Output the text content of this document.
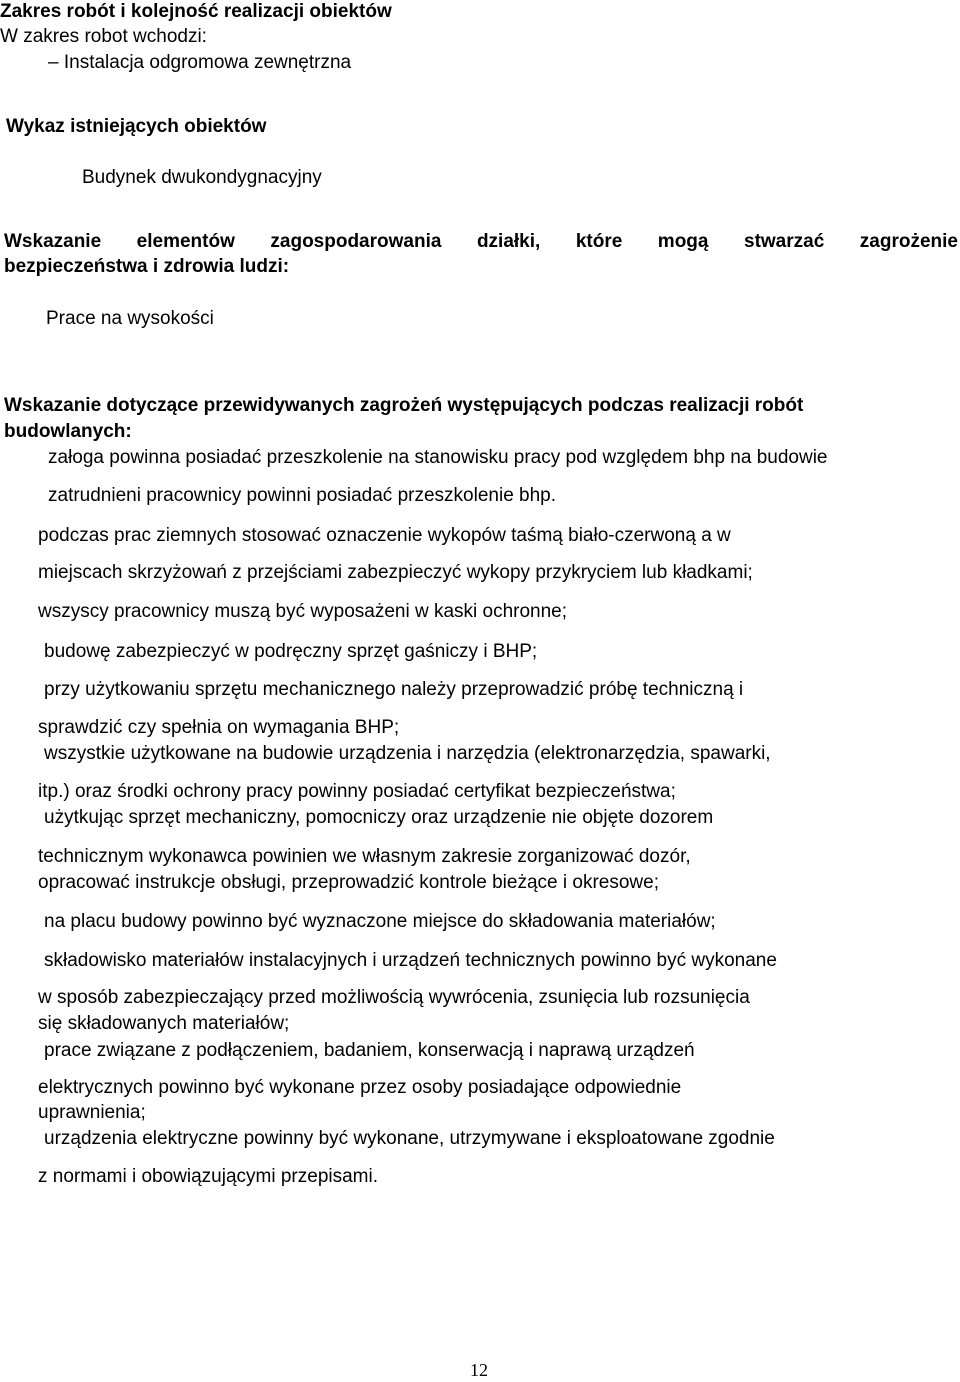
Zakres robót i kolejność realizacji obiektów

W zakres robot wchodzi:

– Instalacja odgromowa zewnętrzna

Wykaz istniejących obiektów

Budynek dwukondygnacyjny

Wskazanie elementów zagospodarowania działki, które mogą stwarzać zagrożenie

bezpieczeństwa i zdrowia ludzi:

Prace na wysokości

Wskazanie dotyczące przewidywanych zagrożeń występujących podczas realizacji robót

budowlanych:

załoga powinna posiadać przeszkolenie na stanowisku pracy pod względem bhp na budowie

zatrudnieni pracownicy powinni posiadać przeszkolenie bhp.

podczas prac ziemnych stosować oznaczenie wykopów taśmą biało-czerwoną a w

miejscach skrzyżowań z przejściami zabezpieczyć wykopy przykryciem lub kładkami;

wszyscy pracownicy muszą być wyposażeni w kaski ochronne;

budowę zabezpieczyć w podręczny sprzęt gaśniczy i BHP;

przy użytkowaniu sprzętu mechanicznego należy przeprowadzić próbę techniczną i

sprawdzić czy spełnia on wymagania BHP;

wszystkie użytkowane na budowie urządzenia i narzędzia (elektronarzędzia, spawarki,

itp.) oraz środki ochrony pracy powinny posiadać certyfikat bezpieczeństwa;

użytkując sprzęt mechaniczny, pomocniczy oraz urządzenie nie objęte dozorem

technicznym wykonawca powinien we własnym zakresie zorganizować dozór,

opracować instrukcje obsługi, przeprowadzić kontrole bieżące i okresowe;

na placu budowy powinno być wyznaczone miejsce do składowania materiałów;

składowisko materiałów instalacyjnych i urządzeń technicznych powinno być wykonane

w sposób zabezpieczający przed możliwością wywrócenia, zsunięcia lub rozsunięcia

się składowanych materiałów;

prace związane z podłączeniem, badaniem, konserwacją i naprawą urządzeń

elektrycznych powinno być wykonane przez osoby posiadające odpowiednie

uprawnienia;

urządzenia elektryczne powinny być wykonane, utrzymywane i eksploatowane zgodnie

z normami i obowiązującymi przepisami.

12
